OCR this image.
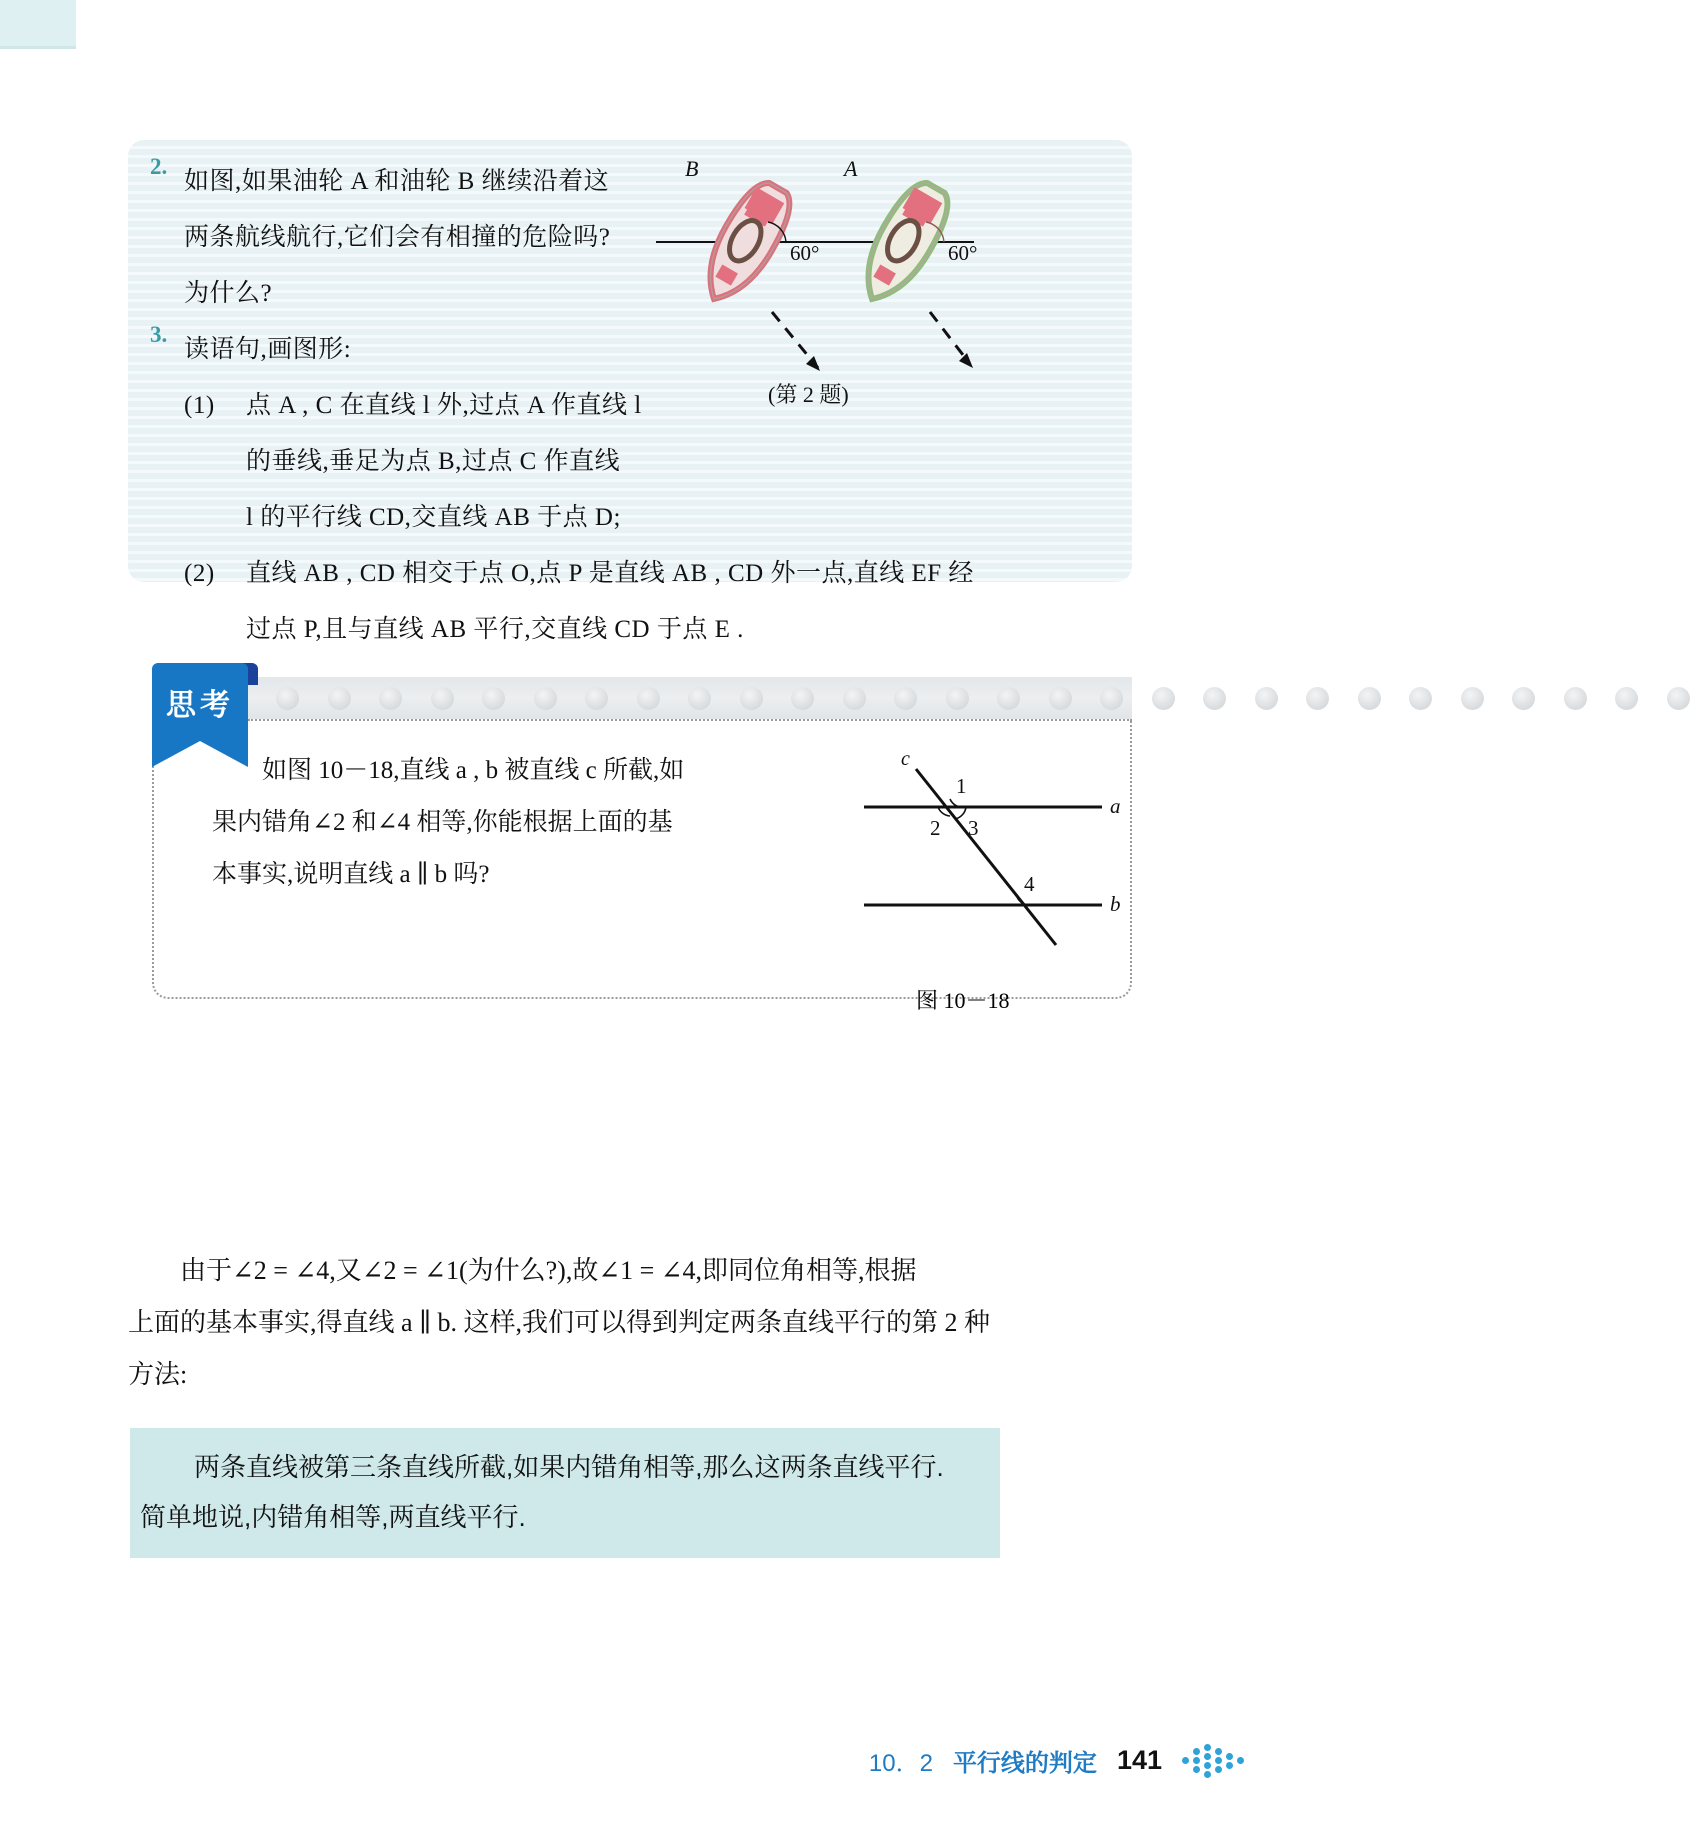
2.
如图,如果油轮 A 和油轮 B 继续沿着这
两条航线航行,它们会有相撞的危险吗?
为什么?
3.
读语句,画图形:
(1)	点 A , C 在直线 l 外,过点 A 作直线 l
的垂线,垂足为点 B,过点 C 作直线
l 的平行线 CD,交直线 AB 于点 D;
(2)	直线 AB , CD 相交于点 O,点 P 是直线 AB , CD 外一点,直线 EF 经
过点 P,且与直线 AB 平行,交直线 CD 于点 E .
B
60°
A
60°
(第 2 题)
思考
如图 10－18,直线 a , b 被直线 c 所截,如
果内错角∠2 和∠4 相等,你能根据上面的基
本事实,说明直线 a ∥ b 吗?
c
a
b
1
2 3
4
图 10－18
由于∠2 = ∠4,又∠2 = ∠1(为什么?),故∠1 = ∠4,即同位角相等,根据
上面的基本事实,得直线 a ∥ b. 这样,我们可以得到判定两条直线平行的第 2 种
方法:
两条直线被第三条直线所截,如果内错角相等,那么这两条直线平行.
简单地说,内错角相等,两直线平行.
10．2 平行线的判定 141
